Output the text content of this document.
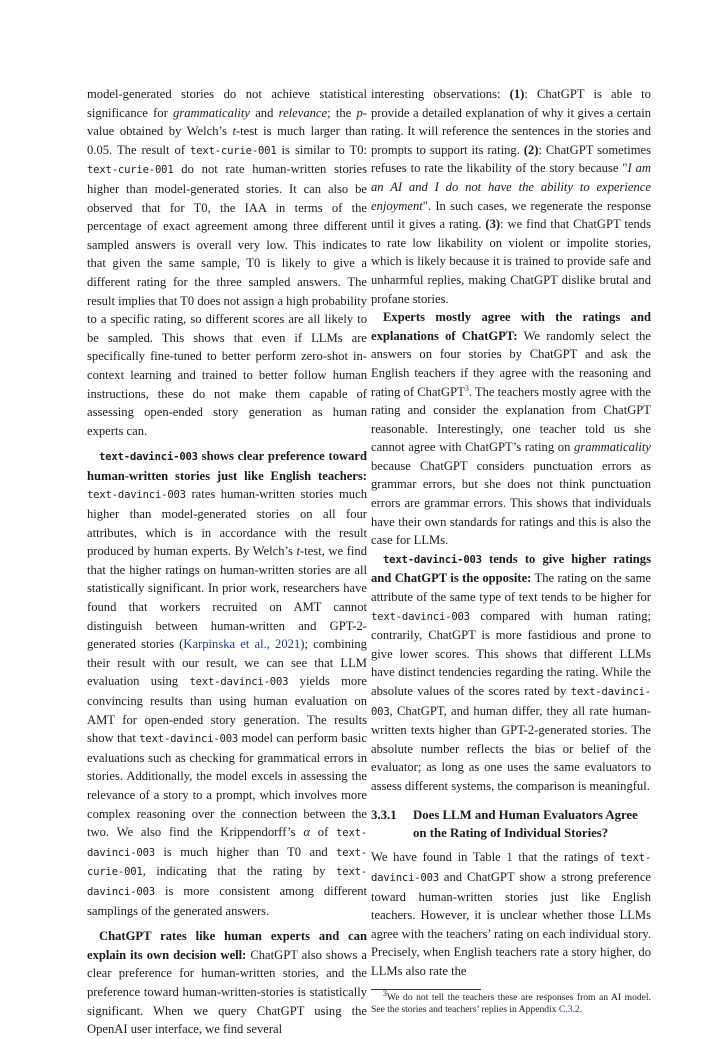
model-generated stories do not achieve statistical significance for grammaticality and relevance; the p-value obtained by Welch’s t-test is much larger than 0.05. The result of text-curie-001 is similar to T0: text-curie-001 do not rate human-written stories higher than model-generated stories. It can also be observed that for T0, the IAA in terms of the percentage of exact agreement among three different sampled answers is overall very low. This indicates that given the same sample, T0 is likely to give a different rating for the three sampled answers. The result implies that T0 does not assign a high probability to a specific rating, so different scores are all likely to be sampled. This shows that even if LLMs are specifically fine-tuned to better perform zero-shot in-context learning and trained to better follow human instructions, these do not make them capable of assessing open-ended story generation as human experts can.

text-davinci-003 shows clear preference toward human-written stories just like English teachers: text-davinci-003 rates human-written stories much higher than model-generated stories on all four attributes, which is in accordance with the result produced by human experts. By Welch’s t-test, we find that the higher ratings on human-written stories are all statistically significant. In prior work, researchers have found that workers recruited on AMT cannot distinguish between human-written and GPT-2-generated stories (Karpinska et al., 2021); combining their result with our result, we can see that LLM evaluation using text-davinci-003 yields more convincing results than using human evaluation on AMT for open-ended story generation. The results show that text-davinci-003 model can perform basic evaluations such as checking for grammatical errors in stories. Additionally, the model excels in assessing the relevance of a story to a prompt, which involves more complex reasoning over the connection between the two. We also find the Krippendorff’s α of text-davinci-003 is much higher than T0 and text-curie-001, indicating that the rating by text-davinci-003 is more consistent among different samplings of the generated answers.

ChatGPT rates like human experts and can explain its own decision well: ChatGPT also shows a clear preference for human-written stories, and the preference toward human-written-stories is statistically significant. When we query ChatGPT using the OpenAI user interface, we find several

interesting observations: (1): ChatGPT is able to provide a detailed explanation of why it gives a certain rating. It will reference the sentences in the stories and prompts to support its rating. (2): ChatGPT sometimes refuses to rate the likability of the story because "I am an AI and I do not have the ability to experience enjoyment". In such cases, we regenerate the response until it gives a rating. (3): we find that ChatGPT tends to rate low likability on violent or impolite stories, which is likely because it is trained to provide safe and unharmful replies, making ChatGPT dislike brutal and profane stories.

Experts mostly agree with the ratings and explanations of ChatGPT: We randomly select the answers on four stories by ChatGPT and ask the English teachers if they agree with the reasoning and rating of ChatGPT$^3$. The teachers mostly agree with the rating and consider the explanation from ChatGPT reasonable. Interestingly, one teacher told us she cannot agree with ChatGPT’s rating on grammaticality because ChatGPT considers punctuation errors as grammar errors, but she does not think punctuation errors are grammar errors. This shows that individuals have their own standards for ratings and this is also the case for LLMs.

text-davinci-003 tends to give higher ratings and ChatGPT is the opposite: The rating on the same attribute of the same type of text tends to be higher for text-davinci-003 compared with human rating; contrarily, ChatGPT is more fastidious and prone to give lower scores. This shows that different LLMs have distinct tendencies regarding the rating. While the absolute values of the scores rated by text-davinci-003, ChatGPT, and human differ, they all rate human-written texts higher than GPT-2-generated stories. The absolute number reflects the bias or belief of the evaluator; as long as one uses the same evaluators to assess different systems, the comparison is meaningful.

3.3.1	Does LLM and Human Evaluators Agree on the Rating of Individual Stories?

We have found in Table 1 that the ratings of text-davinci-003 and ChatGPT show a strong preference toward human-written stories just like English teachers. However, it is unclear whether those LLMs agree with the teachers’ rating on each individual story. Precisely, when English teachers rate a story higher, do LLMs also rate the

$^3$We do not tell the teachers these are responses from an AI model. See the stories and teachers’ replies in Appendix C.3.2.
